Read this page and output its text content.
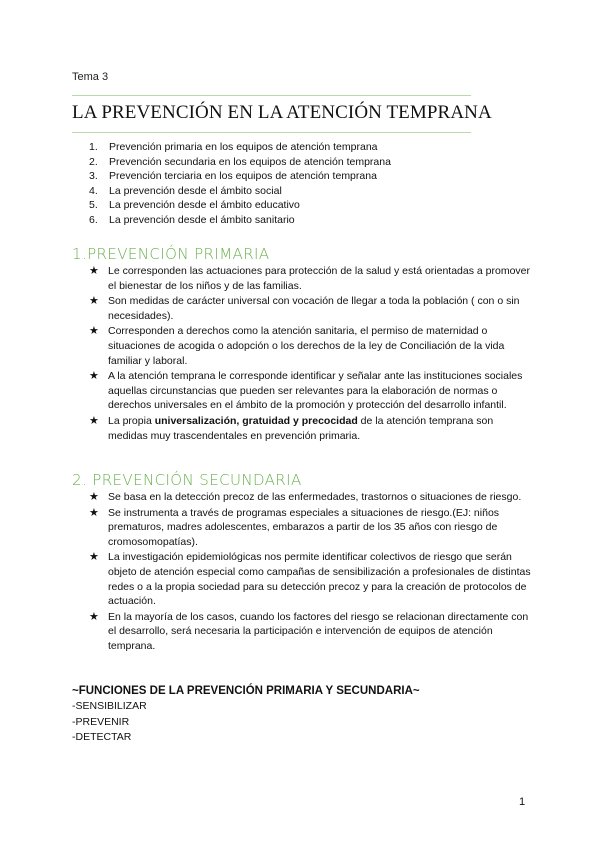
Tema 3
LA PREVENCIÓN EN LA ATENCIÓN TEMPRANA
1. Prevención primaria en los equipos de atención temprana
2. Prevención secundaria en los equipos de atención temprana
3. Prevención terciaria en los equipos de atención temprana
4. La prevención desde el ámbito social
5. La prevención desde el ámbito educativo
6. La prevención desde el ámbito sanitario
1.PREVENCIÓN PRIMARIA
★ Le corresponden las actuaciones para protección de la salud y está orientadas a promover el bienestar de los niños y de las familias.
★ Son medidas de carácter universal con vocación de llegar a toda la población ( con o sin necesidades).
★ Corresponden a derechos como la atención sanitaria, el permiso de maternidad o situaciones de acogida o adopción o los derechos de la ley de Conciliación de la vida familiar y laboral.
★ A la atención temprana le corresponde identificar y señalar ante las instituciones sociales aquellas circunstancias que pueden ser relevantes para la elaboración de normas o derechos universales en el ámbito de la promoción y protección del desarrollo infantil.
★ La propia universalización, gratuidad y precocidad de la atención temprana son medidas muy trascendentales en prevención primaria.
2. PREVENCIÓN SECUNDARIA
★ Se basa en la detección precoz de las enfermedades, trastornos o situaciones de riesgo.
★ Se instrumenta a través de programas especiales a situaciones de riesgo.(EJ: niños prematuros, madres adolescentes, embarazos a partir de los 35 años con riesgo de cromosomopatías).
★ La investigación epidemiológicas nos permite identificar colectivos de riesgo que serán objeto de atención especial como campañas de sensibilización a profesionales de distintas redes o a la propia sociedad para su detección precoz y para la creación de protocolos de actuación.
★ En la mayoría de los casos, cuando los factores del riesgo se relacionan directamente con el desarrollo, será necesaria la participación e intervención de equipos de atención temprana.
~FUNCIONES DE LA PREVENCIÓN PRIMARIA Y SECUNDARIA~
-SENSIBILIZAR
-PREVENIR
-DETECTAR
1
